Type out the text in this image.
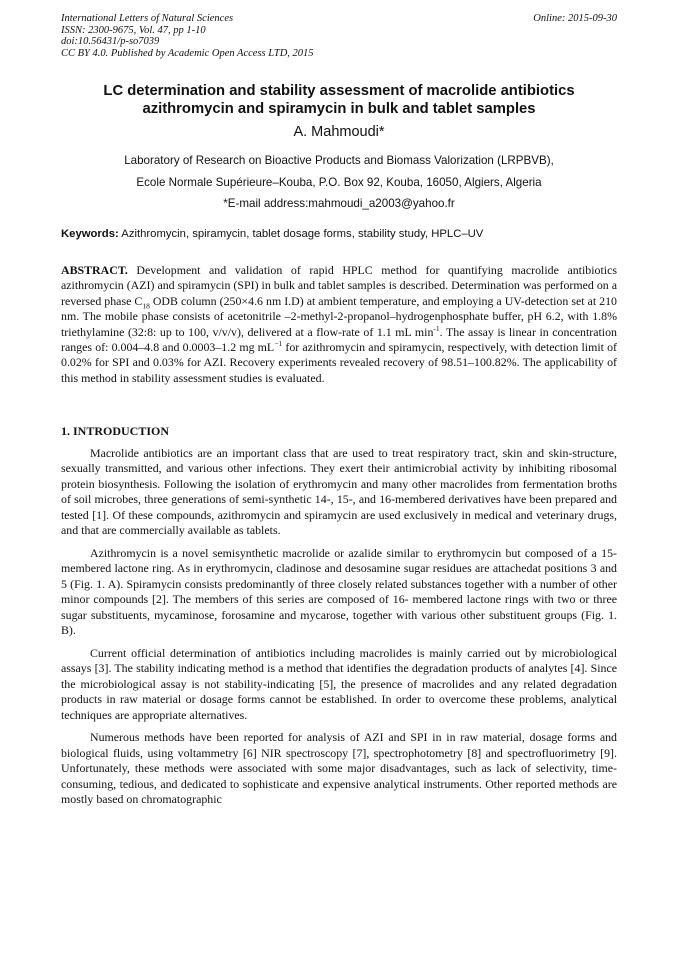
International Letters of Natural Sciences
ISSN: 2300-9675, Vol. 47, pp 1-10
doi:10.56431/p-so7039
CC BY 4.0. Published by Academic Open Access LTD, 2015
Online: 2015-09-30
LC determination and stability assessment of macrolide antibiotics
azithromycin and spiramycin in bulk and tablet samples
A. Mahmoudi*
Laboratory of Research on Bioactive Products and Biomass Valorization (LRPBVB),
Ecole Normale Supérieure–Kouba, P.O. Box 92, Kouba, 16050, Algiers, Algeria
*E-mail address:mahmoudi_a2003@yahoo.fr
Keywords: Azithromycin, spiramycin, tablet dosage forms, stability study, HPLC–UV
ABSTRACT. Development and validation of rapid HPLC method for quantifying macrolide antibiotics azithromycin (AZI) and spiramycin (SPI) in bulk and tablet samples is described. Determination was performed on a reversed phase $C_{18}$ ODB column (250×4.6 nm I.D) at ambient temperature, and employing a UV-detection set at 210 nm. The mobile phase consists of acetonitrile –2-methyl-2-propanol–hydrogenphosphate buffer, pH 6.2, with 1.8% triethylamine (32:8: up to 100, v/v/v), delivered at a flow-rate of 1.1 mL $\min^{-1}$. The assay is linear in concentration ranges of: 0.004–4.8 and 0.0003–1.2 mg $mL^{-1}$ for azithromycin and spiramycin, respectively, with detection limit of 0.02% for SPI and 0.03% for AZI. Recovery experiments revealed recovery of 98.51–100.82%. The applicability of this method in stability assessment studies is evaluated.
1. INTRODUCTION

Macrolide antibiotics are an important class that are used to treat respiratory tract, skin and skin-structure, sexually transmitted, and various other infections. They exert their antimicrobial activity by inhibiting ribosomal protein biosynthesis. Following the isolation of erythromycin and many other macrolides from fermentation broths of soil microbes, three generations of semi-synthetic 14-, 15-, and 16-membered derivatives have been prepared and tested [1]. Of these compounds, azithromycin and spiramycin are used exclusively in medical and veterinary drugs, and that are commercially available as tablets.

Azithromycin is a novel semisynthetic macrolide or azalide similar to erythromycin but composed of a 15-membered lactone ring. As in erythromycin, cladinose and desosamine sugar residues are attachedat positions 3 and 5 (Fig. 1. A). Spiramycin consists predominantly of three closely related substances together with a number of other minor compounds [2]. The members of this series are composed of 16- membered lactone rings with two or three sugar substituents, mycaminose, forosamine and mycarose, together with various other substituent groups (Fig. 1. B).

Current official determination of antibiotics including macrolides is mainly carried out by microbiological assays [3]. The stability indicating method is a method that identifies the degradation products of analytes [4]. Since the microbiological assay is not stability-indicating [5], the presence of macrolides and any related degradation products in raw material or dosage forms cannot be established. In order to overcome these problems, analytical techniques are appropriate alternatives.

Numerous methods have been reported for analysis of AZI and SPI in in raw material, dosage forms and biological fluids, using voltammetry [6] NIR spectroscopy [7], spectrophotometry [8] and spectrofluorimetry [9]. Unfortunately, these methods were associated with some major disadvantages, such as lack of selectivity, time-consuming, tedious, and dedicated to sophisticate and expensive analytical instruments. Other reported methods are mostly based on chromatographic
